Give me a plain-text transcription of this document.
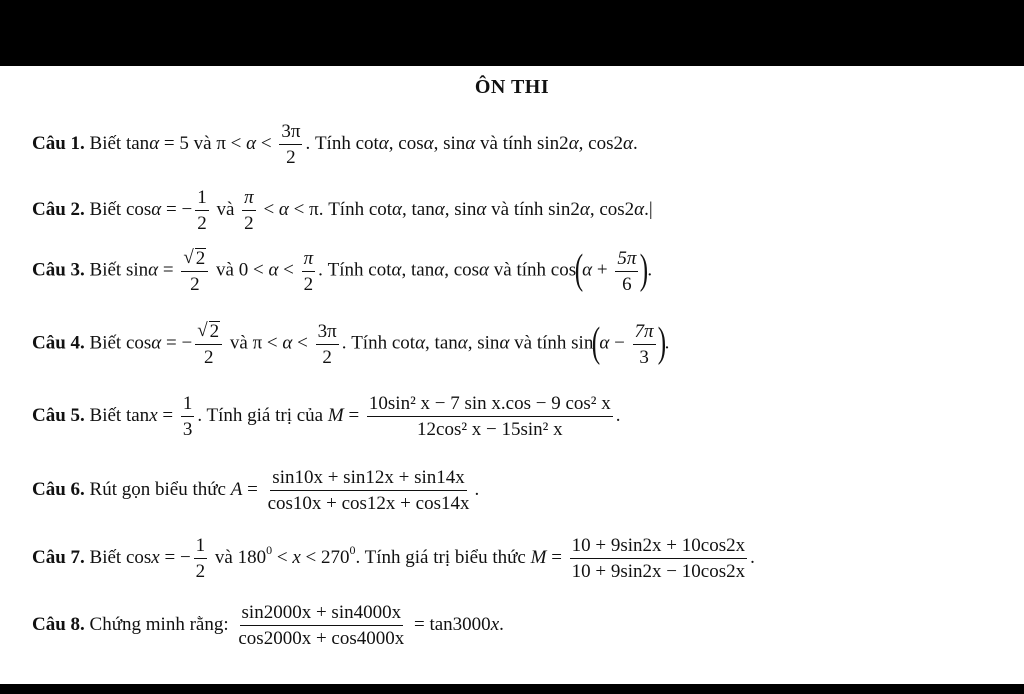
ÔN THI
Câu 1. Biết tanα = 5 và $\pi < \alpha < \frac{3\pi}{2}$ . Tính cotα, cosα, sinα và tính sin2α, cos2α.
Câu 2. Biết cosα = − $\frac{1}{2}$ và $\frac{\pi}{2} < \alpha < \pi$. Tính cotα, tanα, sinα và tính sin2α, cos2α.|
Câu 3. Biết $\sin\alpha = \frac{√ 2}{2}$ và $0 < \alpha < \frac{\pi}{2}$ . Tính cotα, tanα, cosα và tính $\cos(\alpha + \frac{5\pi}{6}$ ).
Câu 4. Biết cosα = − $\frac{√ 2}{2}$ và $\pi < \alpha < \frac{3\pi}{2}$ . Tính cotα, tanα, sinα và tính $\sin(\alpha - \frac{7\pi}{3}$ ).
Câu 5. Biết $\tan x = \frac{1}{3}$ . Tính giá trị của $M = \frac{\text{10sin² x − 7 sin x.cos − 9 cos² x}}{\text{12cos² x − 15sin² x}}$ .
Câu 6. Rút gọn biểu thức $A = \frac{\sin 10x + \sin 12x + \sin 14x}{\cos 10x + \cos 12x + \cos 14x}$ .
Câu 7. Biết cosx = − $\frac{1}{2}$ và $180^0 < x < 270^0$. Tính giá trị biểu thức $M = \frac{10 + 9\sin 2x + 10\cos 2x}{10 + 9\sin 2x - 10\cos 2x}$ .
Câu 8. Chứng minh rằng: $\frac{\sin 2000x + \sin 4000x}{\cos 2000x + \cos 4000x} = \tan 3000x$.
